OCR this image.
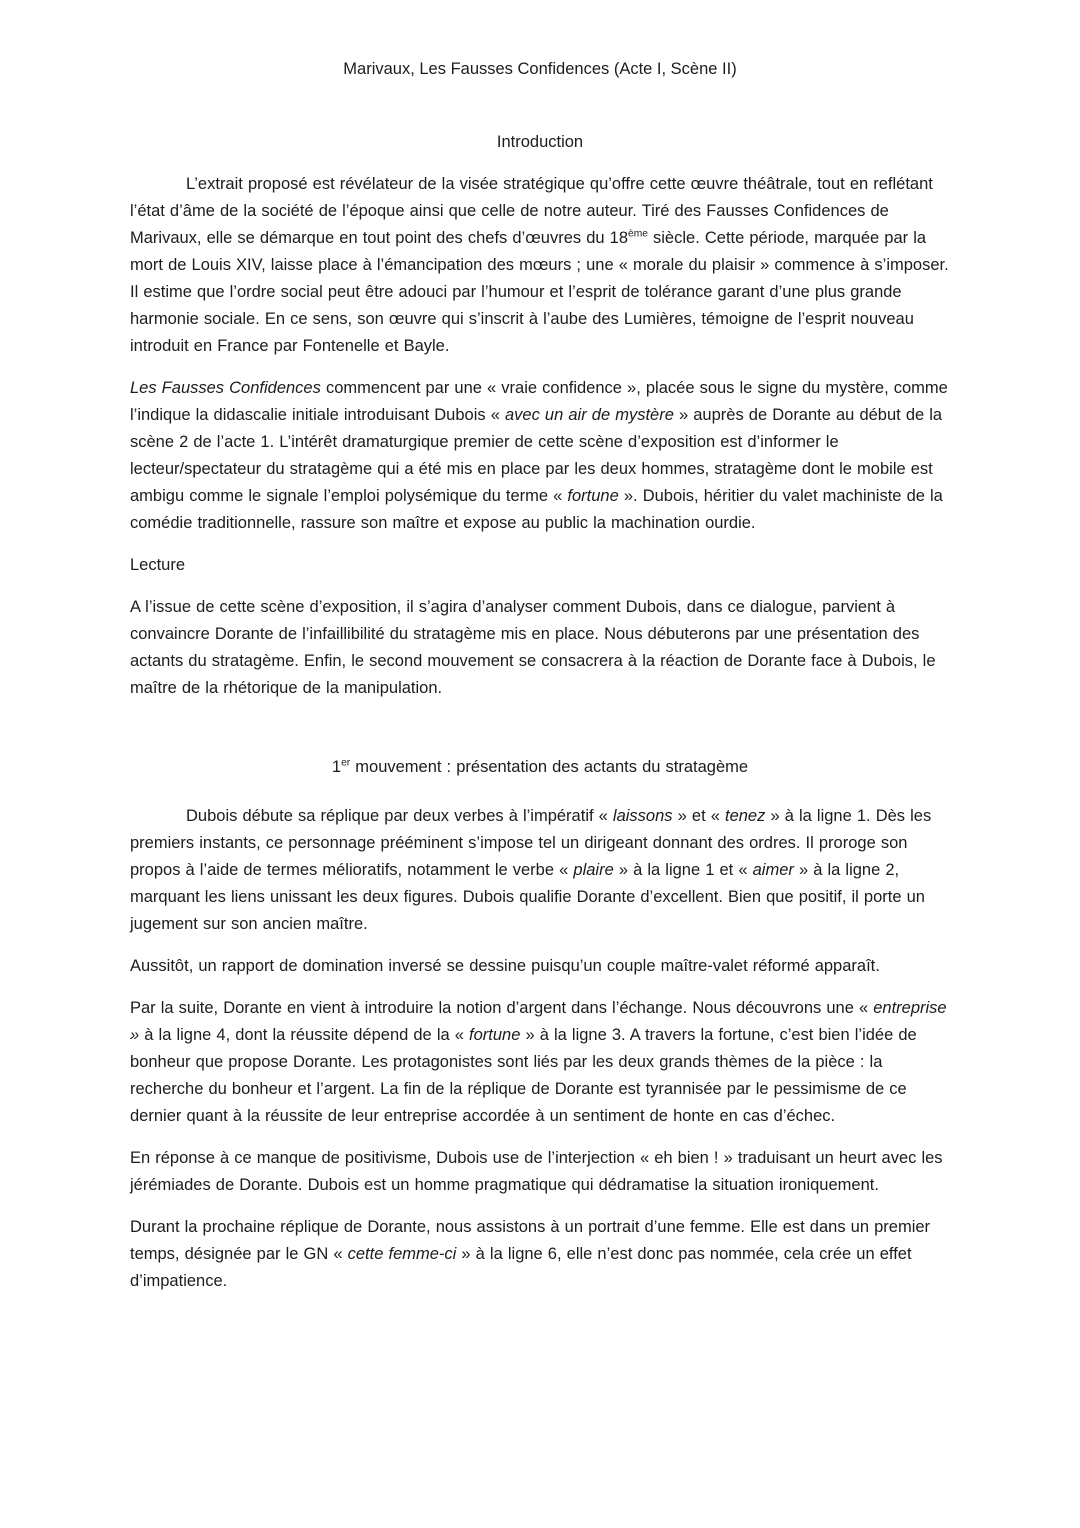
Marivaux, Les Fausses Confidences (Acte I, Scène II)

Introduction

L’extrait proposé est révélateur de la visée stratégique qu’offre cette œuvre théâtrale, tout en reflétant l’état d’âme de la société de l’époque ainsi que celle de notre auteur. Tiré des Fausses Confidences de Marivaux, elle se démarque en tout point des chefs d’œuvres du 18ème siècle. Cette période, marquée par la mort de Louis XIV, laisse place à l’émancipation des mœurs ; une « morale du plaisir » commence à s’imposer. Il estime que l’ordre social peut être adouci par l’humour et l’esprit de tolérance garant d’une plus grande harmonie sociale. En ce sens, son œuvre qui s’inscrit à l’aube des Lumières, témoigne de l’esprit nouveau introduit en France par Fontenelle et Bayle.

Les Fausses Confidences commencent par une « vraie confidence », placée sous le signe du mystère, comme l’indique la didascalie initiale introduisant Dubois « avec un air de mystère » auprès de Dorante au début de la scène 2 de l’acte 1. L’intérêt dramaturgique premier de cette scène d’exposition est d’informer le lecteur/spectateur du stratagème qui a été mis en place par les deux hommes, stratagème dont le mobile est ambigu comme le signale l’emploi polysémique du terme « fortune ». Dubois, héritier du valet machiniste de la comédie traditionnelle, rassure son maître et expose au public la machination ourdie.

Lecture

A l’issue de cette scène d’exposition, il s’agira d’analyser comment Dubois, dans ce dialogue, parvient à convaincre Dorante de l’infaillibilité du stratagème mis en place. Nous débuterons par une présentation des actants du stratagème. Enfin, le second mouvement se consacrera à la réaction de Dorante face à Dubois, le maître de la rhétorique de la manipulation.

1er mouvement : présentation des actants du stratagème

Dubois débute sa réplique par deux verbes à l’impératif « laissons » et « tenez » à la ligne 1. Dès les premiers instants, ce personnage prééminent s’impose tel un dirigeant donnant des ordres. Il proroge son propos à l’aide de termes mélioratifs, notamment le verbe « plaire » à la ligne 1 et « aimer » à la ligne 2, marquant les liens unissant les deux figures. Dubois qualifie Dorante d’excellent. Bien que positif, il porte un jugement sur son ancien maître.

Aussitôt, un rapport de domination inversé se dessine puisqu’un couple maître-valet réformé apparaît.

Par la suite, Dorante en vient à introduire la notion d’argent dans l’échange. Nous découvrons une « entreprise » à la ligne 4, dont la réussite dépend de la « fortune » à la ligne 3. A travers la fortune, c’est bien l’idée de bonheur que propose Dorante. Les protagonistes sont liés par les deux grands thèmes de la pièce : la recherche du bonheur et l’argent. La fin de la réplique de Dorante est tyrannisée par le pessimisme de ce dernier quant à la réussite de leur entreprise accordée à un sentiment de honte en cas d’échec.

En réponse à ce manque de positivisme, Dubois use de l’interjection « eh bien ! » traduisant un heurt avec les jérémiades de Dorante. Dubois est un homme pragmatique qui dédramatise la situation ironiquement.

Durant la prochaine réplique de Dorante, nous assistons à un portrait d’une femme. Elle est dans un premier temps, désignée par le GN « cette femme-ci » à la ligne 6, elle n’est donc pas nommée, cela crée un effet d’impatience.
